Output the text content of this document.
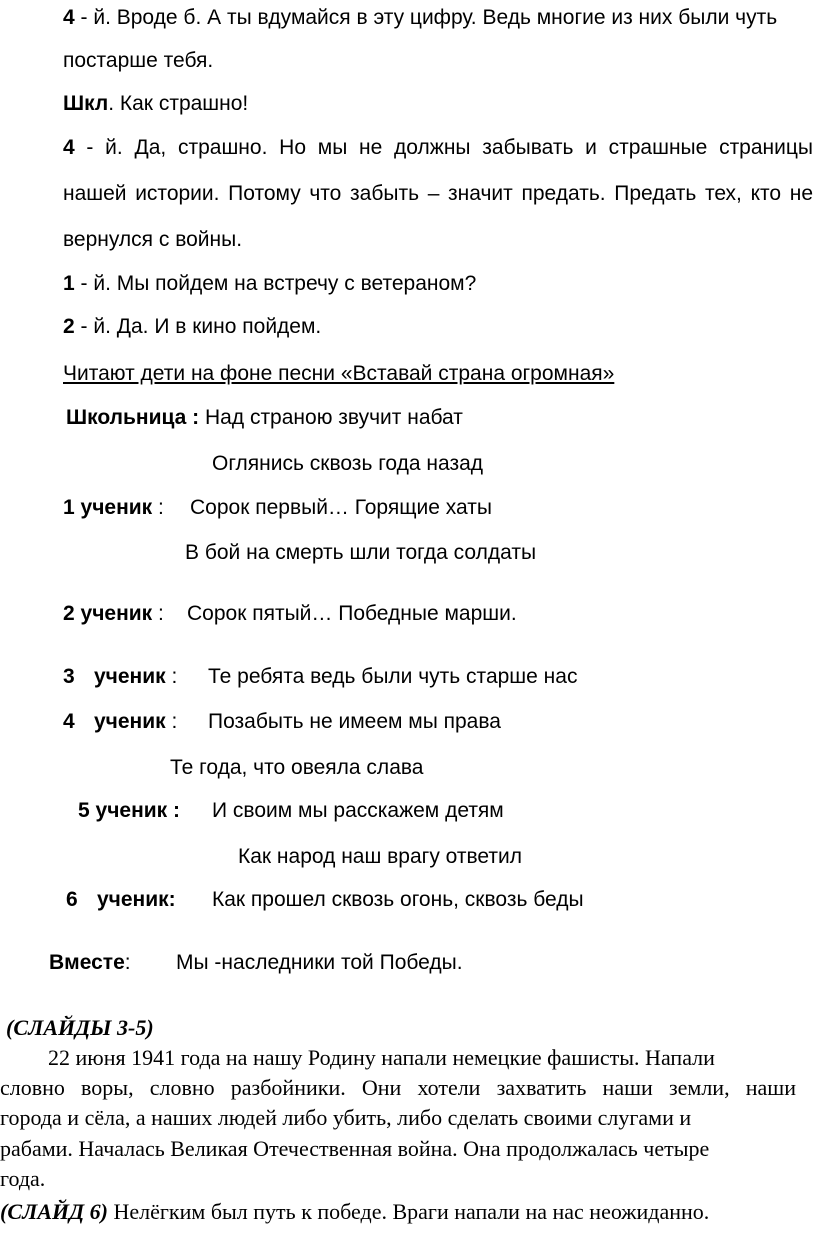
4 - й. Вроде б. А ты вдумайся в эту цифру. Ведь многие из них были чуть
постарше тебя.
Шкл. Как страшно!
4 - й. Да, страшно. Но мы не должны забывать и страшные страницы
нашей истории. Потому что забыть – значит предать. Предать тех, кто не
вернулся с войны.
1 - й. Мы пойдем на встречу с ветераном?
2 - й. Да. И в кино пойдем.
Читают дети на фоне песни «Вставай страна огромная»
Школьница : Над страною звучит набат
Оглянись сквозь года назад
1 ученик : Сорок первый… Горящие хаты
В бой на смерть шли тогда солдаты
2 ученик : Сорок пятый… Победные марши.
3 ученик : Те ребята ведь были чуть старше нас
4 ученик : Позабыть не имеем мы права
Те года, что овеяла слава
5 ученик : И своим мы расскажем детям
Как народ наш врагу ответил
6 ученик: Как прошел сквозь огонь, сквозь беды
Вместе: Мы -наследники той Победы.
(СЛАЙДЫ 3-5)
22 июня 1941 года на нашу Родину напали немецкие фашисты. Напали
словно воры, словно разбойники. Они хотели захватить наши земли, наши
города и сёла, а наших людей либо убить, либо сделать своими слугами и
рабами. Началась Великая Отечественная война. Она продолжалась четыре
года.
(СЛАЙД 6) Нелёгким был путь к победе. Враги напали на нас неожиданно.
